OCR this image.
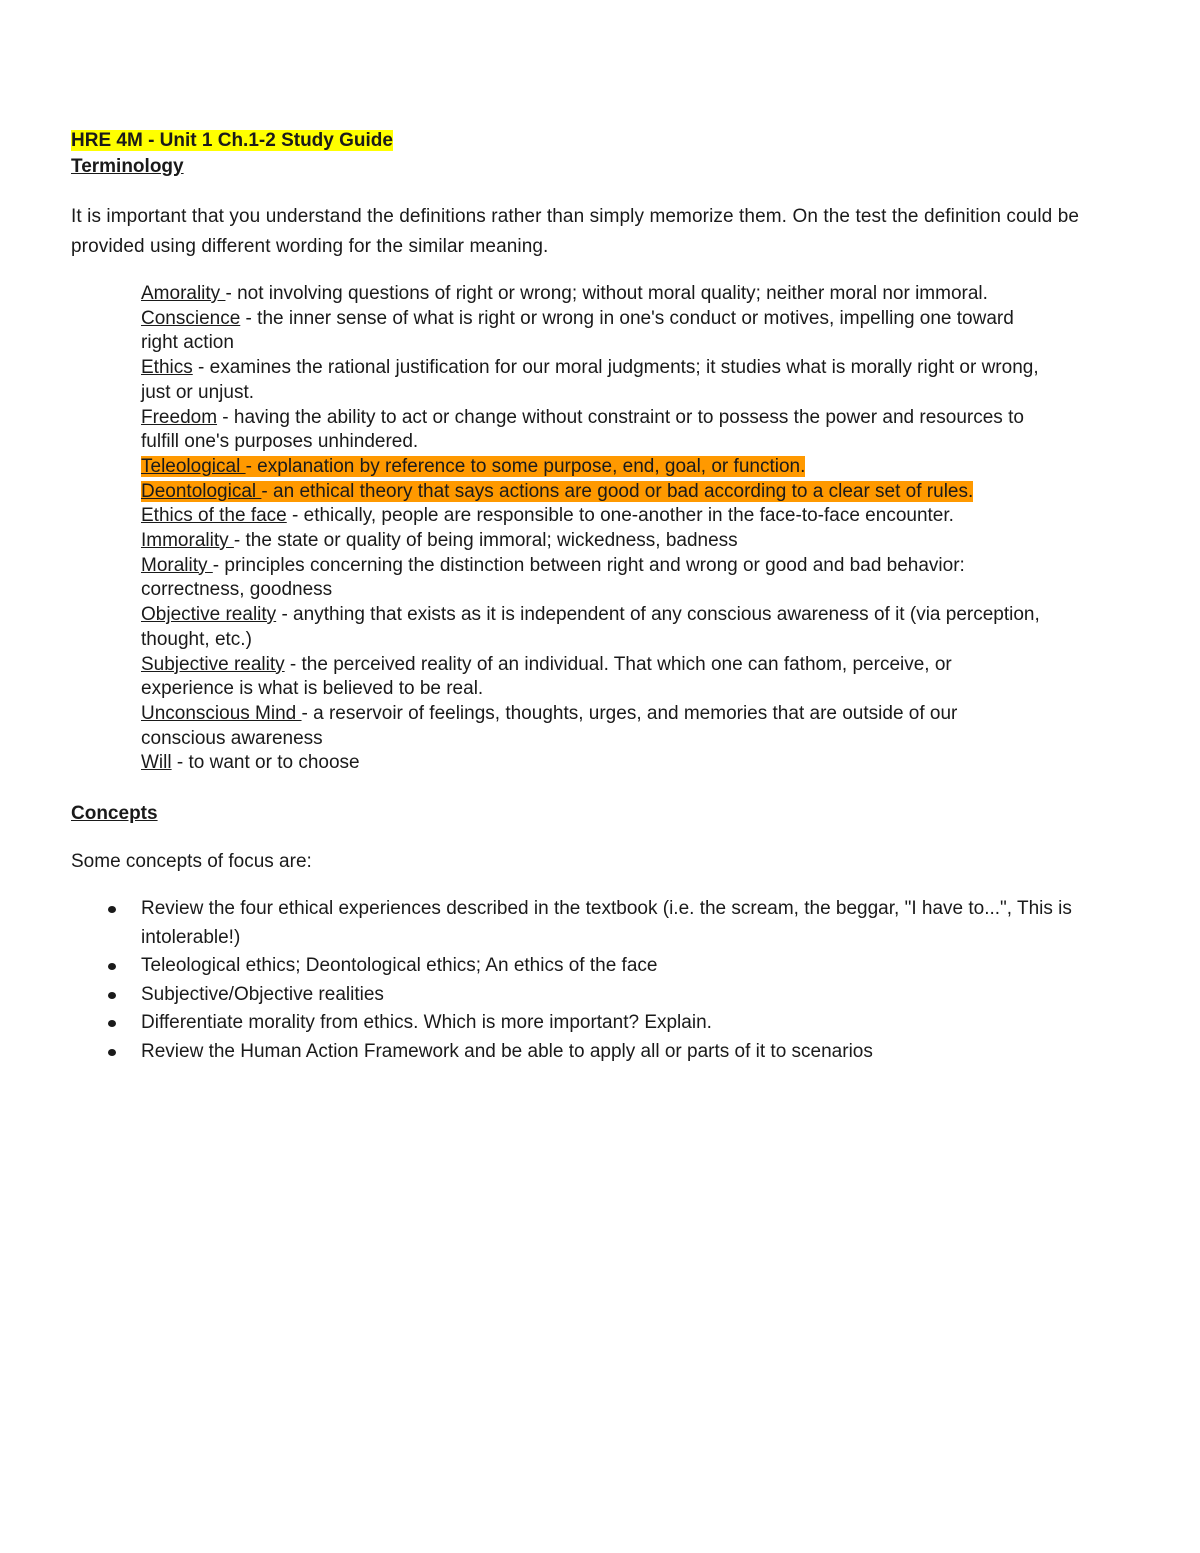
HRE 4M - Unit 1 Ch.1-2 Study Guide

Terminology

It is important that you understand the definitions rather than simply memorize them. On the test the definition could be provided using different wording for the similar meaning.

Amorality - not involving questions of right or wrong; without moral quality; neither moral nor immoral.
Conscience - the inner sense of what is right or wrong in one's conduct or motives, impelling one toward right action
Ethics - examines the rational justification for our moral judgments; it studies what is morally right or wrong, just or unjust.
Freedom - having the ability to act or change without constraint or to possess the power and resources to fulfill one's purposes unhindered.
Teleological - explanation by reference to some purpose, end, goal, or function.
Deontological - an ethical theory that says actions are good or bad according to a clear set of rules.
Ethics of the face - ethically, people are responsible to one-another in the face-to-face encounter.
Immorality - the state or quality of being immoral; wickedness, badness
Morality - principles concerning the distinction between right and wrong or good and bad behavior: correctness, goodness
Objective reality - anything that exists as it is independent of any conscious awareness of it (via perception, thought, etc.)
Subjective reality - the perceived reality of an individual. That which one can fathom, perceive, or experience is what is believed to be real.
Unconscious Mind - a reservoir of feelings, thoughts, urges, and memories that are outside of our conscious awareness
Will - to want or to choose

Concepts

Some concepts of focus are:

Review the four ethical experiences described in the textbook (i.e. the scream, the beggar, "I have to...", This is intolerable!)
Teleological ethics; Deontological ethics; An ethics of the face
Subjective/Objective realities
Differentiate morality from ethics. Which is more important? Explain.
Review the Human Action Framework and be able to apply all or parts of it to scenarios
